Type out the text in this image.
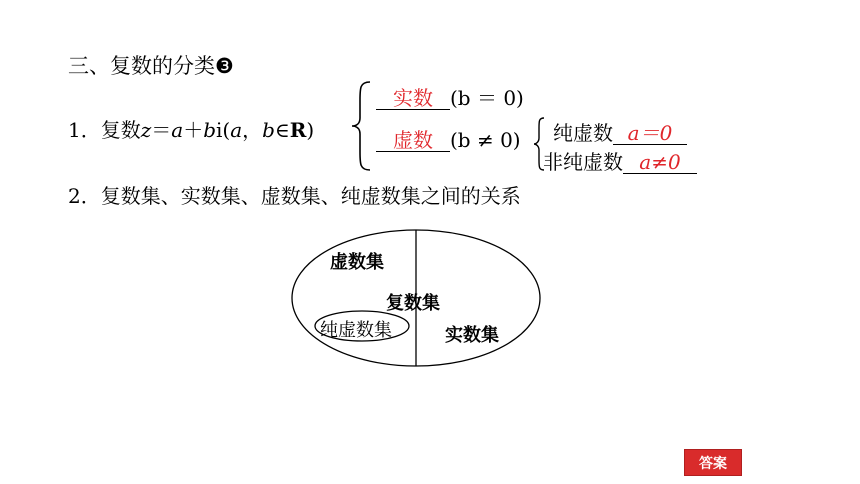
三、复数的分类❸
1．复数z＝a＋bi(a，b∈R)
实数 (b ＝ 0)
虚数 (b ≠ 0) 纯虚数 a＝0
非纯虚数 a≠0
2．复数集、实数集、虚数集、纯虚数集之间的关系
虚数集
复数集
纯虚数集	实数集
答案
